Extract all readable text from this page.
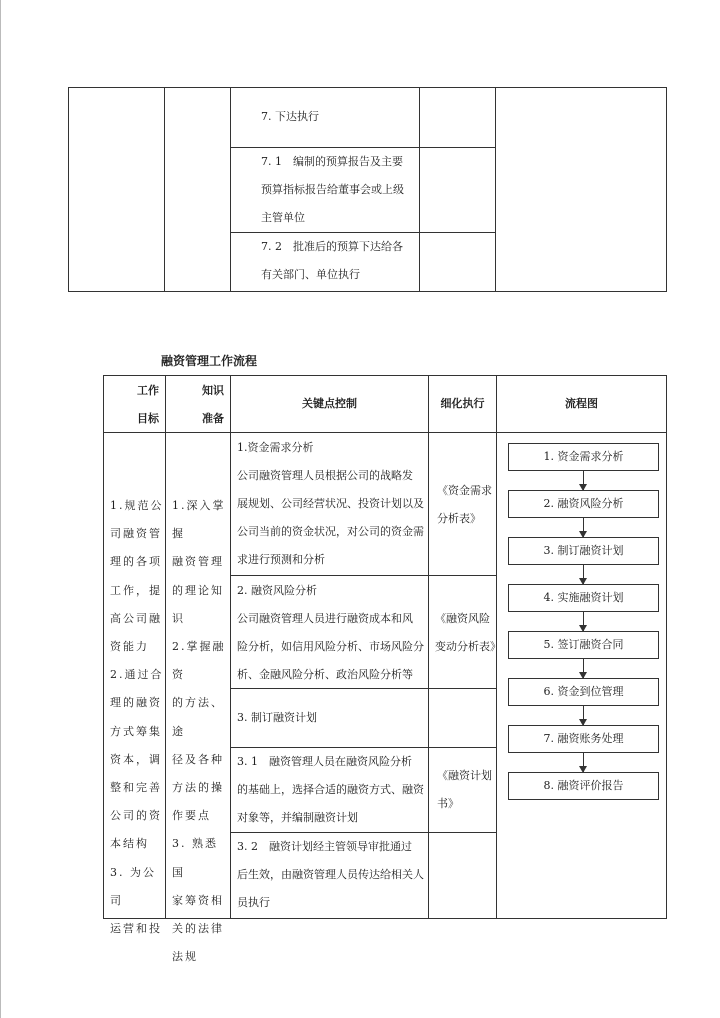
7. 下达执行
7. 1　编制的预算报告及主要
预算指标报告给董事会或上级
主管单位
7. 2　批准后的预算下达给各
有关部门、单位执行
融资管理工作流程
工作
目标
知识
准备
关键点控制	细化执行	流程图
1.规范公
司融资管
理的各项
工作，提
高公司融
资能力
2.通过合
理的融资
方式筹集
资本，调
整和完善
公司的资
本结构
3. 为公司
运营和投
1.深入掌握
融资管理
的理论知
识
2.掌握融资
的方法、途
径及各种
方法的操
作要点
3. 熟悉国
家筹资相
关的法律
法规
1.资金需求分析
公司融资管理人员根据公司的战略发
展规划、公司经营状况、投资计划以及
公司当前的资金状况，对公司的资金需
求进行预测和分析
2. 融资风险分析
公司融资管理人员进行融资成本和风
险分析，如信用风险分析、市场风险分
析、金融风险分析、政治风险分析等
3. 制订融资计划
3. 1　融资管理人员在融资风险分析
的基础上，选择合适的融资方式、融资
对象等，并编制融资计划
3. 2　融资计划经主管领导审批通过
后生效，由融资管理人员传达给相关人
员执行
《资金需求
分析表》
《融资风险
变动分析表》
《融资计划
书》
1. 资金需求分析
2. 融资风险分析
3. 制订融资计划
4. 实施融资计划
5. 签订融资合同
6. 资金到位管理
7. 融资账务处理
8. 融资评价报告
